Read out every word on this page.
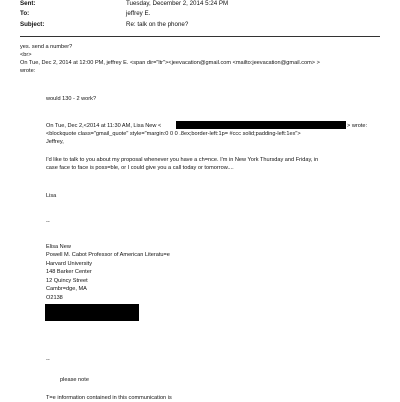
Sent:	Tuesday, December 2, 2014 5:24 PM
To:	jeffrey E.
Subject:	Re: talk on the phone?
yes. send a number?
<br>
On Tue, Dec 2, 2014 at 12:00 PM, jeffrey E. <span dir="ltr"><jeevacation@gmail.com <mailto:jeevacation@gmail.com> >
wrote:
would 130 - 2 work?
On Tue, Dec 2,<2014 at 11:30 AM, Lisa New <	> wrote:
<blockquote class="gmail_quote" style="margin:0 0 0 .8ex;border-left:1p= #ccc solid;padding-left:1ex">
Jeffrey,
I'd like to talk to you about my proposal whenever you have a ch=nce. I'm in New York Thursday and Friday, in
case face to face is poss=ble, or I could give you a call today or tomorrow....
Lisa
--
Elisa New
Powell M. Cabot Professor of American Literatu=e
Harvard University
148 Barker Center
12 Quincy Street
Cambr=dge, MA
O2138
--
please note
T=e information contained in this communication is
